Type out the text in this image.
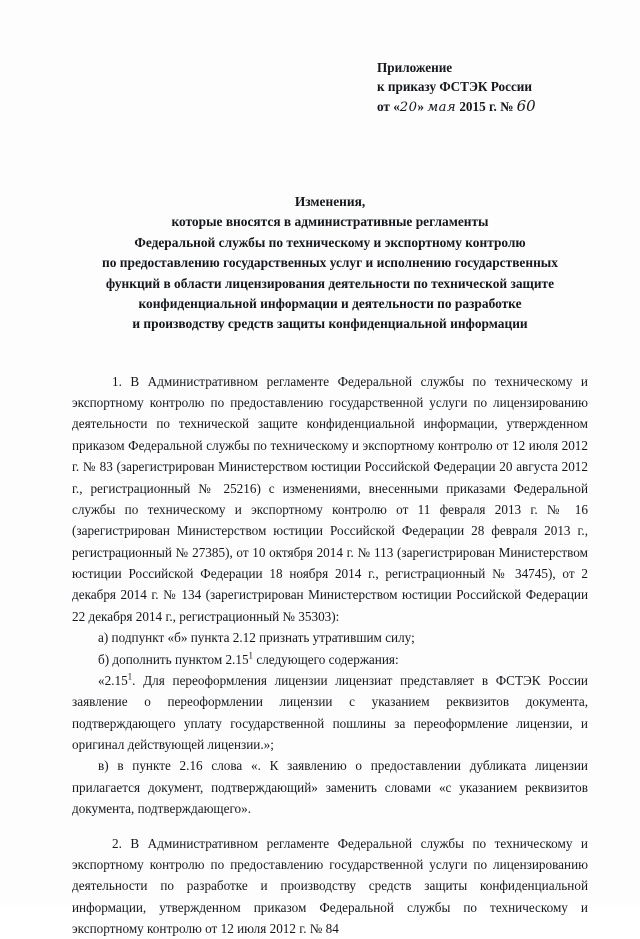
Приложение
к приказу ФСТЭК России
от «20» мая 2015 г. № 60
Изменения,
которые вносятся в административные регламенты
Федеральной службы по техническому и экспортному контролю
по предоставлению государственных услуг и исполнению государственных
функций в области лицензирования деятельности по технической защите
конфиденциальной информации и деятельности по разработке
и производству средств защиты конфиденциальной информации

1. В Административном регламенте Федеральной службы по техническому и экспортному контролю по предоставлению государственной услуги по лицензированию деятельности по технической защите конфиденциальной информации, утвержденном приказом Федеральной службы по техническому и экспортному контролю от 12 июля 2012 г. № 83 (зарегистрирован Министерством юстиции Российской Федерации 20 августа 2012 г., регистрационный № 25216) с изменениями, внесенными приказами Федеральной службы по техническому и экспортному контролю от 11 февраля 2013 г. № 16 (зарегистрирован Министерством юстиции Российской Федерации 28 февраля 2013 г., регистрационный № 27385), от 10 октября 2014 г. № 113 (зарегистрирован Министерством юстиции Российской Федерации 18 ноября 2014 г., регистрационный № 34745), от 2 декабря 2014 г. № 134 (зарегистрирован Министерством юстиции Российской Федерации 22 декабря 2014 г., регистрационный № 35303):

а) подпункт «б» пункта 2.12 признать утратившим силу;

б) дополнить пунктом 2.15$^1$ следующего содержания:

«2.15$^1$. Для переоформления лицензии лицензиат представляет в ФСТЭК России заявление о переоформлении лицензии с указанием реквизитов документа, подтверждающего уплату государственной пошлины за переоформление лицензии, и оригинал действующей лицензии.»;

в) в пункте 2.16 слова «. К заявлению о предоставлении дубликата лицензии прилагается документ, подтверждающий» заменить словами «с указанием реквизитов документа, подтверждающего».

2. В Административном регламенте Федеральной службы по техническому и экспортному контролю по предоставлению государственной услуги по лицензированию деятельности по разработке и производству средств защиты конфиденциальной информации, утвержденном приказом Федеральной службы по техническому и экспортному контролю от 12 июля 2012 г. № 84
